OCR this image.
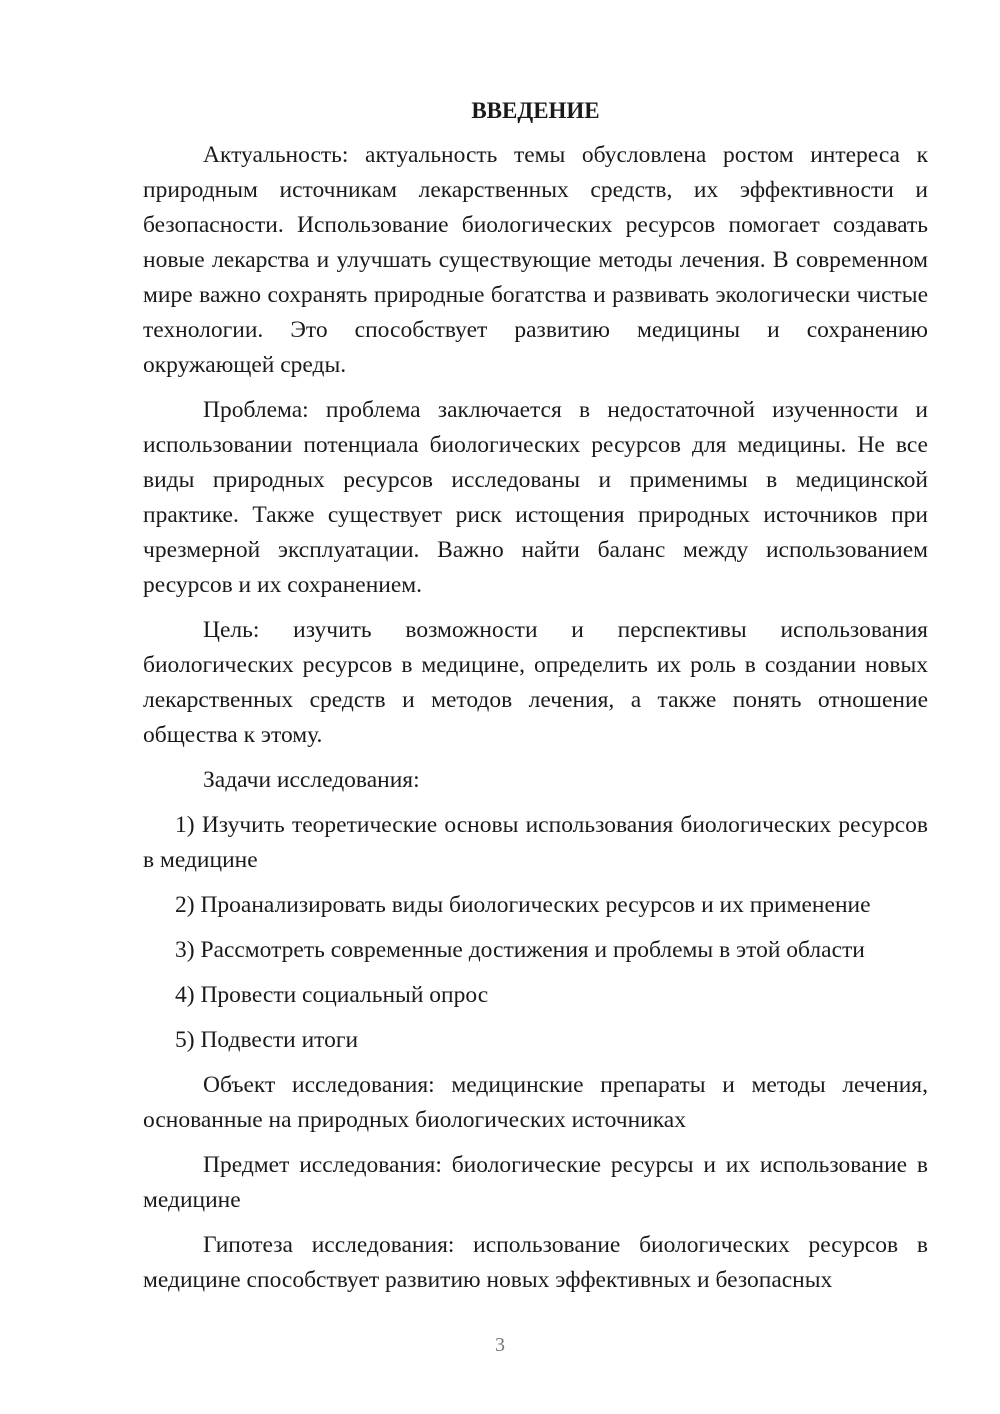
ВВЕДЕНИЕ

Актуальность: актуальность темы обусловлена ростом интереса к природным источникам лекарственных средств, их эффективности и безопасности. Использование биологических ресурсов помогает создавать новые лекарства и улучшать существующие методы лечения. В современном мире важно сохранять природные богатства и развивать экологически чистые технологии. Это способствует развитию медицины и сохранению окружающей среды.

Проблема: проблема заключается в недостаточной изученности и использовании потенциала биологических ресурсов для медицины. Не все виды природных ресурсов исследованы и применимы в медицинской практике. Также существует риск истощения природных источников при чрезмерной эксплуатации. Важно найти баланс между использованием ресурсов и их сохранением.

Цель: изучить возможности и перспективы использования биологических ресурсов в медицине, определить их роль в создании новых лекарственных средств и методов лечения, а также понять отношение общества к этому.

Задачи исследования:

1) Изучить теоретические основы использования биологических ресурсов в медицине

2) Проанализировать виды биологических ресурсов и их применение

3) Рассмотреть современные достижения и проблемы в этой области

4) Провести социальный опрос

5) Подвести итоги

Объект исследования: медицинские препараты и методы лечения, основанные на природных биологических источниках

Предмет исследования: биологические ресурсы и их использование в медицине

Гипотеза исследования: использование биологических ресурсов в медицине способствует развитию новых эффективных и безопасных

3
